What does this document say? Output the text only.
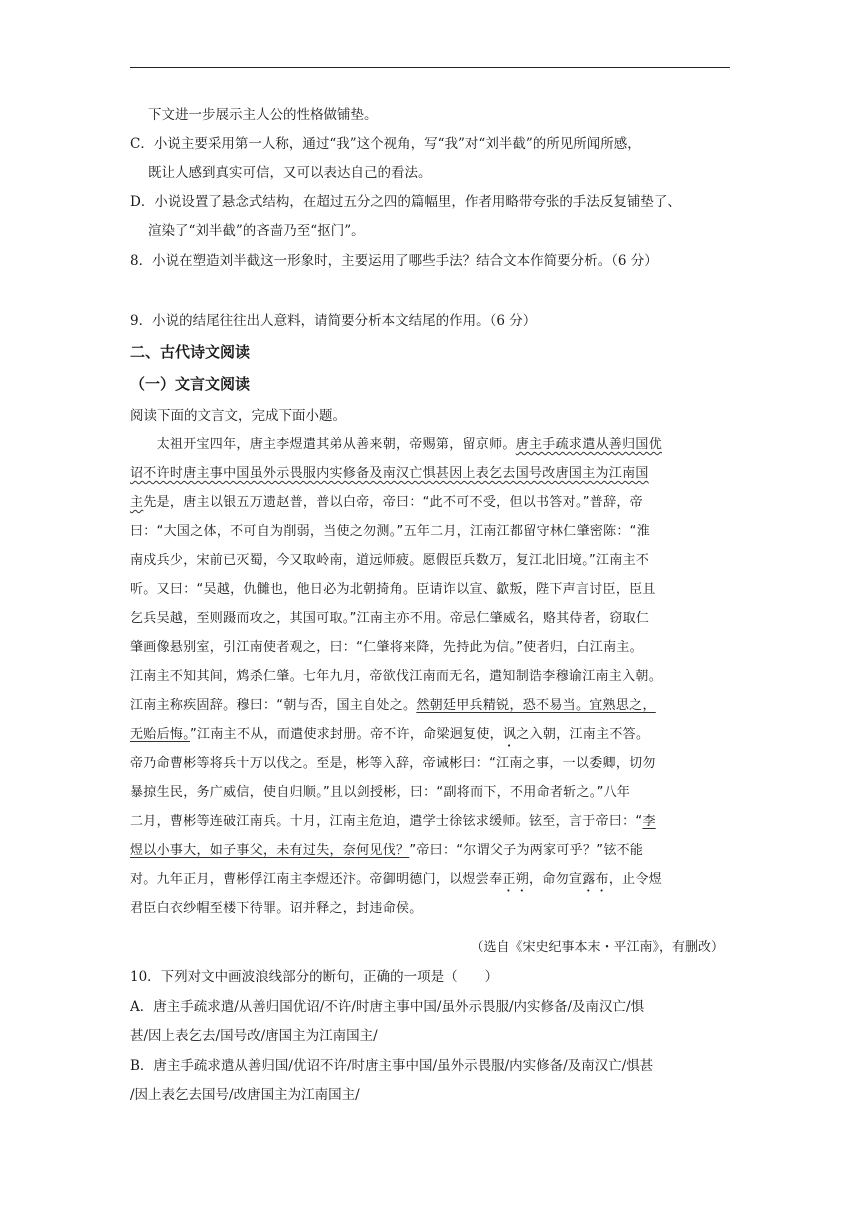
下文进一步展示主人公的性格做铺垫。
C．小说主要采用第一人称，通过“我”这个视角，写“我”对“刘半截”的所见所闻所感，
既让人感到真实可信，又可以表达自己的看法。
D．小说设置了悬念式结构，在超过五分之四的篇幅里，作者用略带夸张的手法反复铺垫了、
渲染了“刘半截”的吝啬乃至“抠门”。
8．小说在塑造刘半截这一形象时，主要运用了哪些手法？结合文本作简要分析。（6 分）
9．小说的结尾往往出人意料，请简要分析本文结尾的作用。（6 分）
二、古代诗文阅读
（一）文言文阅读
阅读下面的文言文，完成下面小题。
　　太祖开宝四年，唐主李煜遣其弟从善来朝，帝赐第，留京师。唐主手疏求遣从善归国优
诏不许时唐主事中国虽外示畏服内实修备及南汉亡惧甚因上表乞去国号改唐国主为江南国
主先是，唐主以银五万遗赵普，普以白帝，帝曰：“此不可不受，但以书答对。”普辞，帝
曰：“大国之体，不可自为削弱，当使之勿测。”五年二月，江南江都留守林仁肇密陈：“淮
南戍兵少，宋前已灭蜀，今又取岭南，道远师疲。愿假臣兵数万，复江北旧境。”江南主不
听。又曰：“吴越，仇雠也，他日必为北朝掎角。臣请诈以宣、歙叛，陛下声言讨臣，臣且
乞兵吴越，至则蹑而攻之，其国可取。”江南主亦不用。帝忌仁肇威名，赂其侍者，窃取仁
肇画像悬别室，引江南使者观之，曰：“仁肇将来降，先持此为信。”使者归，白江南主。
江南主不知其间，鸩杀仁肇。七年九月，帝欲伐江南而无名，遣知制诰李穆谕江南主入朝。
江南主称疾固辞。穆曰：“朝与否，国主自处之。然朝廷甲兵精锐，恐不易当。宜熟思之，
无贻后悔。”江南主不从，而遣使求封册。帝不许，命梁迥复使，讽之入朝，江南主不答。
帝乃命曹彬等将兵十万以伐之。至是，彬等入辞，帝诫彬曰：“江南之事，一以委卿，切勿
暴掠生民，务广威信，使自归顺。”且以剑授彬，曰：“副将而下，不用命者斩之。”八年
二月，曹彬等连破江南兵。十月，江南主危迫，遣学士徐铉求缓师。铉至，言于帝曰：“李
煜以小事大，如子事父，未有过失，奈何见伐？”帝曰：“尔谓父子为两家可乎？”铉不能
对。九年正月，曹彬俘江南主李煜还汴。帝御明德门，以煜尝奉正朔，命勿宣露布，止令煜
君臣白衣纱帽至楼下待罪。诏并释之，封违命侯。
（选自《宋史纪事本末・平江南》，有删改）
10．下列对文中画波浪线部分的断句，正确的一项是（　　）
A．唐主手疏求遣/从善归国优诏/不许/时唐主事中国/虽外示畏服/内实修备/及南汉亡/惧
甚/因上表乞去/国号改/唐国主为江南国主/
B．唐主手疏求遣从善归国/优诏不许/时唐主事中国/虽外示畏服/内实修备/及南汉亡/惧甚
/因上表乞去国号/改唐国主为江南国主/
